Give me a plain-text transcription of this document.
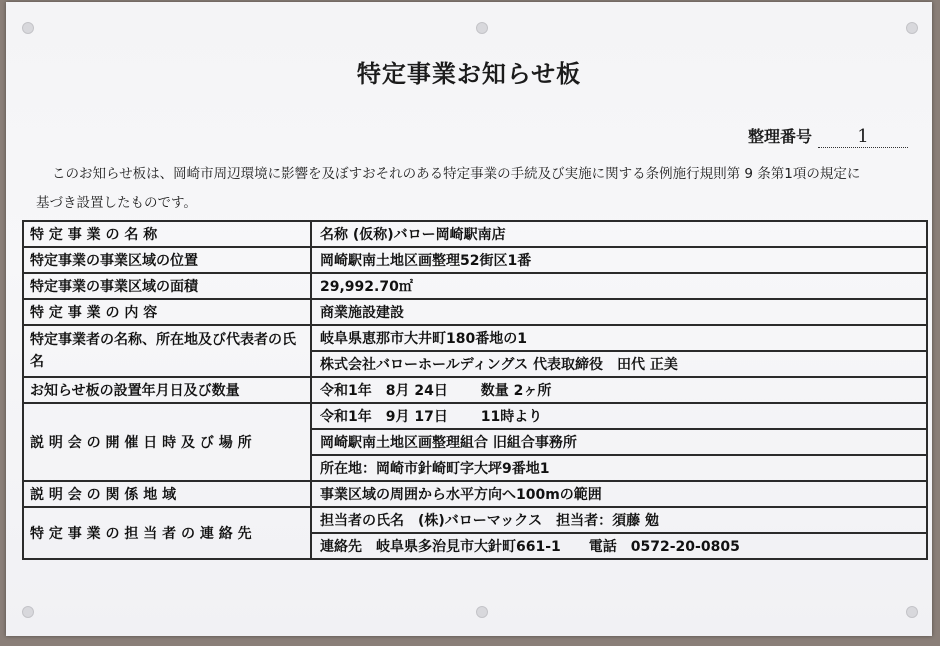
特定事業お知らせ板
整理番号	1
このお知らせ板は、岡崎市周辺環境に影響を及ぼすおそれのある特定事業の手続及び実施に関する条例施行規則第 9 条第1項の規定に
基づき設置したものです。
特 定 事 業 の 名 称	名称 (仮称)バロー岡崎駅南店
特定事業の事業区域の位置	岡崎駅南土地区画整理52街区1番
特定事業の事業区域の面積	29,992.70㎡
特 定 事 業 の 内 容	商業施設建設
特定事業者の名称、所在地及び代表者の氏名	岐阜県恵那市大井町180番地の1
	株式会社バローホールディングス 代表取締役　田代 正美
お知らせ板の設置年月日及び数量	令和1年　8月 24日　　 数量 2ヶ所
説 明 会 の 開 催 日 時 及 び 場 所	令和1年　9月 17日　　 11時より
	岡崎駅南土地区画整理組合 旧組合事務所
	所在地：岡崎市針崎町字大坪9番地1
説 明 会 の 関 係 地 域	事業区域の周囲から水平方向へ100mの範囲
特 定 事 業 の 担 当 者 の 連 絡 先	担当者の氏名　(株)バローマックス　担当者：須藤 勉
	連絡先　岐阜県多治見市大針町661-1　　電話　0572-20-0805
